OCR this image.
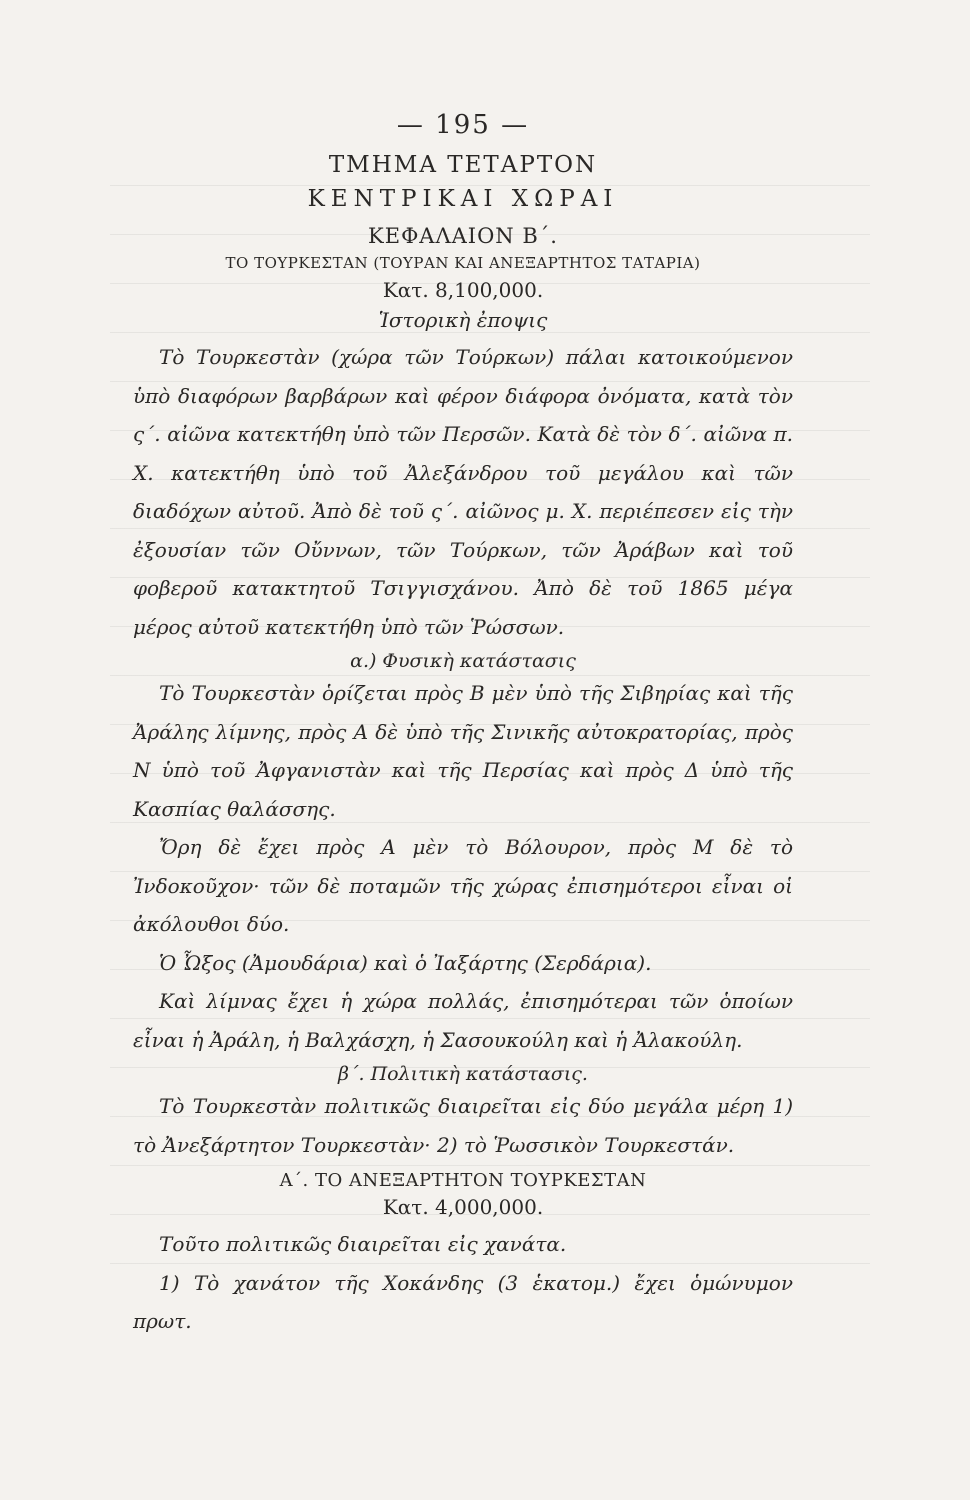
— 195 —
ΤΜΗΜΑ ΤΕΤΑΡΤΟΝ
ΚΕΝΤΡΙΚΑΙ ΧΩΡΑΙ
ΚΕΦΑΛΑΙΟΝ Β΄.
ΤΟ ΤΟΥΡΚΕΣΤΑΝ (ΤΟΥΡΑΝ ΚΑΙ ΑΝΕΞΑΡΤΗΤΟΣ ΤΑΤΑΡΙΑ)
Κατ. 8,100,000.
Ἱστορικὴ ἐποψις

Τὸ Τουρκεστὰν (χώρα τῶν Τούρκων) πάλαι κατοικούμενον ὑπὸ διαφόρων βαρβάρων καὶ φέρον διάφορα ὀνόματα, κατὰ τὸν ς΄. αἰῶνα κατεκτήθη ὑπὸ τῶν Περσῶν. Κατὰ δὲ τὸν δ΄. αἰῶνα π. Χ. κατεκτήθη ὑπὸ τοῦ Ἀλεξάνδρου τοῦ μεγάλου καὶ τῶν διαδόχων αὐτοῦ. Ἀπὸ δὲ τοῦ ς΄. αἰῶνος μ. Χ. περιέπεσεν εἰς τὴν ἐξουσίαν τῶν Οὔννων, τῶν Τούρκων, τῶν Ἀράβων καὶ τοῦ φοβεροῦ κατακτητοῦ Τσιγγισχάνου. Ἀπὸ δὲ τοῦ 1865 μέγα μέρος αὐτοῦ κατεκτήθη ὑπὸ τῶν Ῥώσσων.

α.) Φυσικὴ κατάστασις

Τὸ Τουρκεστὰν ὁρίζεται πρὸς Β μὲν ὑπὸ τῆς Σιβηρίας καὶ τῆς Ἀράλης λίμνης, πρὸς Α δὲ ὑπὸ τῆς Σινικῆς αὐτοκρατορίας, πρὸς Ν ὑπὸ τοῦ Ἀφγανιστὰν καὶ τῆς Περσίας καὶ πρὸς Δ ὑπὸ τῆς Κασπίας θαλάσσης.

Ὄρη δὲ ἔχει πρὸς Α μὲν τὸ Βόλουρον, πρὸς Μ δὲ τὸ Ἰνδοκοῦχον· τῶν δὲ ποταμῶν τῆς χώρας ἐπισημότεροι εἶναι οἱ ἀκόλουθοι δύο.

Ὁ Ὦξος (Ἀμουδάρια) καὶ ὁ Ἰαξάρτης (Σερδάρια).

Καὶ λίμνας ἔχει ἡ χώρα πολλάς, ἐπισημότεραι τῶν ὁποίων εἶναι ἡ Ἀράλη, ἡ Βαλχάσχη, ἡ Σασουκούλη καὶ ἡ Ἀλακούλη.

β΄. Πολιτικὴ κατάστασις.

Τὸ Τουρκεστὰν πολιτικῶς διαιρεῖται εἰς δύο μεγάλα μέρη 1) τὸ Ἀνεξάρτητον Τουρκεστὰν· 2) τὸ Ῥωσσικὸν Τουρκεστάν.

Α΄. ΤΟ ΑΝΕΞΑΡΤΗΤΟΝ ΤΟΥΡΚΕΣΤΑΝ
Κατ. 4,000,000.

Τοῦτο πολιτικῶς διαιρεῖται εἰς χανάτα.

1) Τὸ χανάτον τῆς Χοκάνδης (3 ἑκατομ.) ἔχει ὁμώνυμον πρωτ.
